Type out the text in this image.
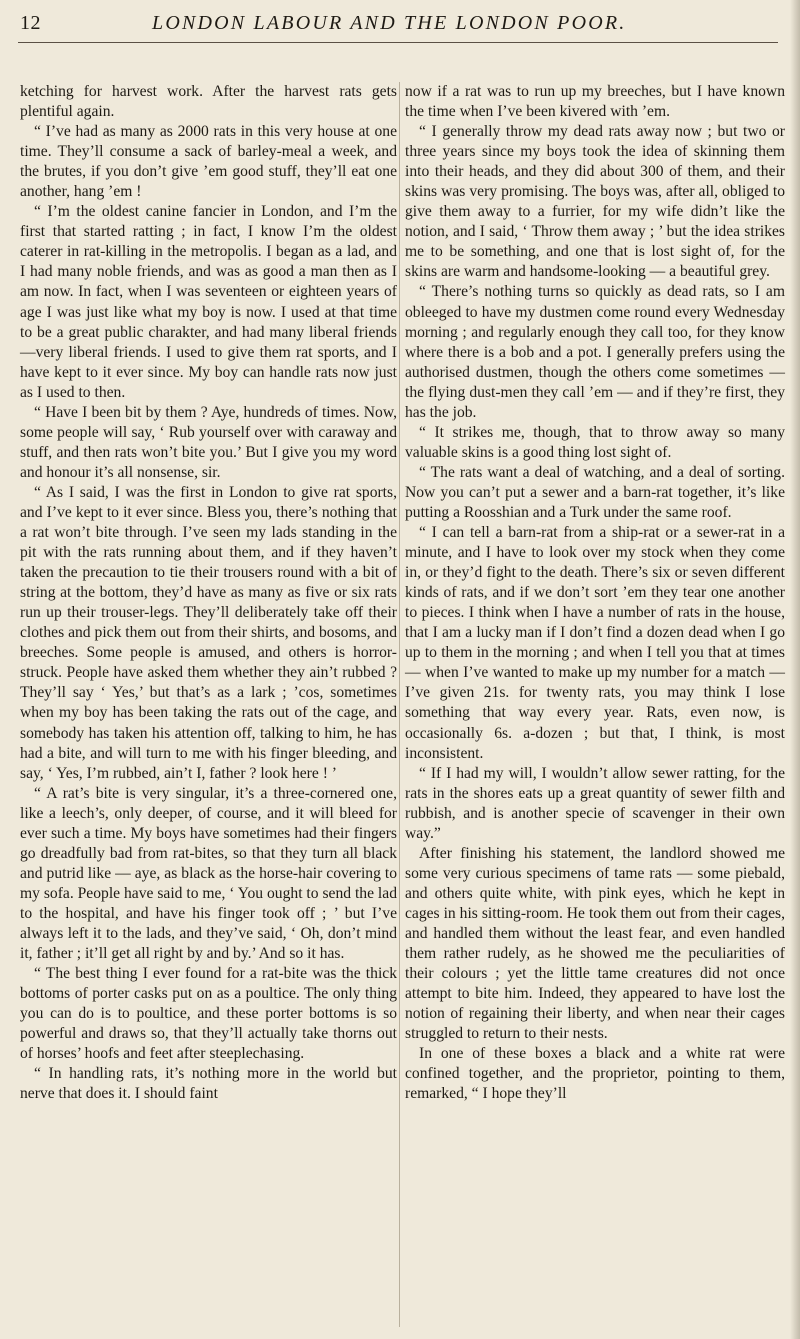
12	LONDON LABOUR AND THE LONDON POOR.

ketching for harvest work. After the harvest rats gets plentiful again.

“ I’ve had as many as 2000 rats in this very house at one time. They’ll consume a sack of barley-meal a week, and the brutes, if you don’t give ’em good stuff, they’ll eat one another, hang ’em !

“ I’m the oldest canine fancier in London, and I’m the first that started ratting ; in fact, I know I’m the oldest caterer in rat-killing in the metropolis. I began as a lad, and I had many noble friends, and was as good a man then as I am now. In fact, when I was seventeen or eighteen years of age I was just like what my boy is now. I used at that time to be a great public charakter, and had many liberal friends —very liberal friends. I used to give them rat sports, and I have kept to it ever since. My boy can handle rats now just as I used to then.

“ Have I been bit by them ? Aye, hundreds of times. Now, some people will say, ‘ Rub yourself over with caraway and stuff, and then rats won’t bite you.’ But I give you my word and honour it’s all nonsense, sir.

“ As I said, I was the first in London to give rat sports, and I’ve kept to it ever since. Bless you, there’s nothing that a rat won’t bite through. I’ve seen my lads standing in the pit with the rats running about them, and if they haven’t taken the precaution to tie their trousers round with a bit of string at the bottom, they’d have as many as five or six rats run up their trouser-legs. They’ll deliberately take off their clothes and pick them out from their shirts, and bosoms, and breeches. Some people is amused, and others is horror-struck. People have asked them whether they ain’t rubbed ? They’ll say ‘ Yes,’ but that’s as a lark ; ’cos, sometimes when my boy has been taking the rats out of the cage, and somebody has taken his attention off, talking to him, he has had a bite, and will turn to me with his finger bleeding, and say, ‘ Yes, I’m rubbed, ain’t I, father ? look here ! ’

“ A rat’s bite is very singular, it’s a three-cornered one, like a leech’s, only deeper, of course, and it will bleed for ever such a time. My boys have sometimes had their fingers go dreadfully bad from rat-bites, so that they turn all black and putrid like — aye, as black as the horse-hair covering to my sofa. People have said to me, ‘ You ought to send the lad to the hospital, and have his finger took off ; ’ but I’ve always left it to the lads, and they’ve said, ‘ Oh, don’t mind it, father ; it’ll get all right by and by.’ And so it has.

“ The best thing I ever found for a rat-bite was the thick bottoms of porter casks put on as a poultice. The only thing you can do is to poultice, and these porter bottoms is so powerful and draws so, that they’ll actually take thorns out of horses’ hoofs and feet after steeplechasing.

“ In handling rats, it’s nothing more in the world but nerve that does it. I should faint

now if a rat was to run up my breeches, but I have known the time when I’ve been kivered with ’em.

“ I generally throw my dead rats away now ; but two or three years since my boys took the idea of skinning them into their heads, and they did about 300 of them, and their skins was very promising. The boys was, after all, obliged to give them away to a furrier, for my wife didn’t like the notion, and I said, ‘ Throw them away ; ’ but the idea strikes me to be something, and one that is lost sight of, for the skins are warm and handsome-looking — a beautiful grey.

“ There’s nothing turns so quickly as dead rats, so I am obleeged to have my dustmen come round every Wednesday morning ; and regularly enough they call too, for they know where there is a bob and a pot. I generally prefers using the authorised dustmen, though the others come sometimes — the flying dust-men they call ’em — and if they’re first, they has the job.

“ It strikes me, though, that to throw away so many valuable skins is a good thing lost sight of.

“ The rats want a deal of watching, and a deal of sorting. Now you can’t put a sewer and a barn-rat together, it’s like putting a Roosshian and a Turk under the same roof.

“ I can tell a barn-rat from a ship-rat or a sewer-rat in a minute, and I have to look over my stock when they come in, or they’d fight to the death. There’s six or seven different kinds of rats, and if we don’t sort ’em they tear one another to pieces. I think when I have a number of rats in the house, that I am a lucky man if I don’t find a dozen dead when I go up to them in the morning ; and when I tell you that at times — when I’ve wanted to make up my number for a match — I’ve given 21s. for twenty rats, you may think I lose something that way every year. Rats, even now, is occasionally 6s. a-dozen ; but that, I think, is most inconsistent.

“ If I had my will, I wouldn’t allow sewer ratting, for the rats in the shores eats up a great quantity of sewer filth and rubbish, and is another specie of scavenger in their own way.”

After finishing his statement, the landlord showed me some very curious specimens of tame rats — some piebald, and others quite white, with pink eyes, which he kept in cages in his sitting-room. He took them out from their cages, and handled them without the least fear, and even handled them rather rudely, as he showed me the peculiarities of their colours ; yet the little tame creatures did not once attempt to bite him. Indeed, they appeared to have lost the notion of regaining their liberty, and when near their cages struggled to return to their nests.

In one of these boxes a black and a white rat were confined together, and the proprietor, pointing to them, remarked, “ I hope they’ll
